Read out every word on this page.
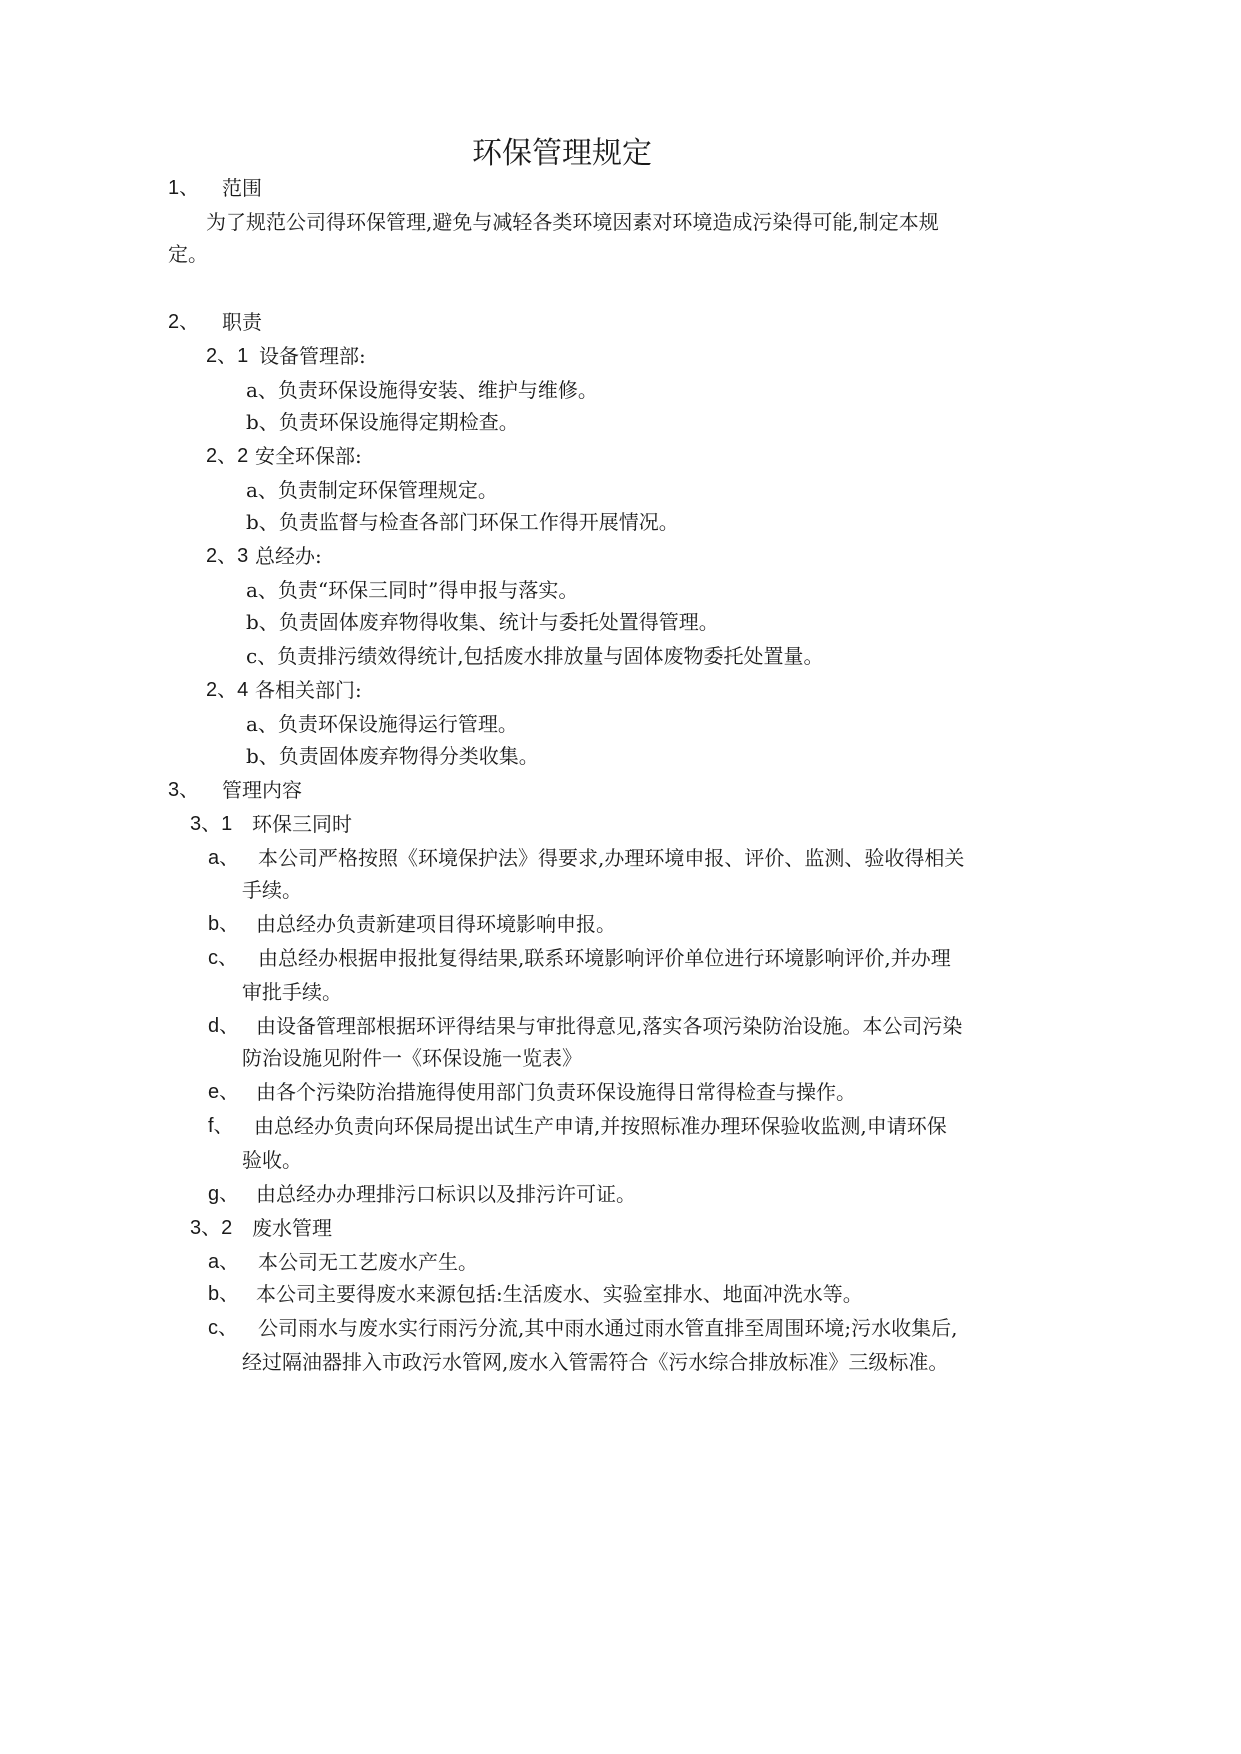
环保管理规定
1、 范围
为了规范公司得环保管理,避免与减轻各类环境因素对环境造成污染得可能,制定本规
定。
2、 职责
2、1 设备管理部:
a、负责环保设施得安装、维护与维修。
b、负责环保设施得定期检查。
2、2 安全环保部:
a、负责制定环保管理规定。
b、负责监督与检查各部门环保工作得开展情况。
2、3 总经办:
a、负责“环保三同时”得申报与落实。
b、负责固体废弃物得收集、统计与委托处置得管理。
c、负责排污绩效得统计,包括废水排放量与固体废物委托处置量。
2、4 各相关部门:
a、负责环保设施得运行管理。
b、负责固体废弃物得分类收集。
3、 管理内容
3、1 环保三同时
a、 本公司严格按照《环境保护法》得要求,办理环境申报、评价、监测、验收得相关
手续。
b、 由总经办负责新建项目得环境影响申报。
c、 由总经办根据申报批复得结果,联系环境影响评价单位进行环境影响评价,并办理
审批手续。
d、 由设备管理部根据环评得结果与审批得意见,落实各项污染防治设施。本公司污染
防治设施见附件一《环保设施一览表》
e、 由各个污染防治措施得使用部门负责环保设施得日常得检查与操作。
f、 由总经办负责向环保局提出试生产申请,并按照标准办理环保验收监测,申请环保
验收。
g、 由总经办办理排污口标识以及排污许可证。
3、2 废水管理
a、 本公司无工艺废水产生。
b、 本公司主要得废水来源包括:生活废水、实验室排水、地面冲洗水等。
c、 公司雨水与废水实行雨污分流,其中雨水通过雨水管直排至周围环境;污水收集后,
经过隔油器排入市政污水管网,废水入管需符合《污水综合排放标准》三级标准。
